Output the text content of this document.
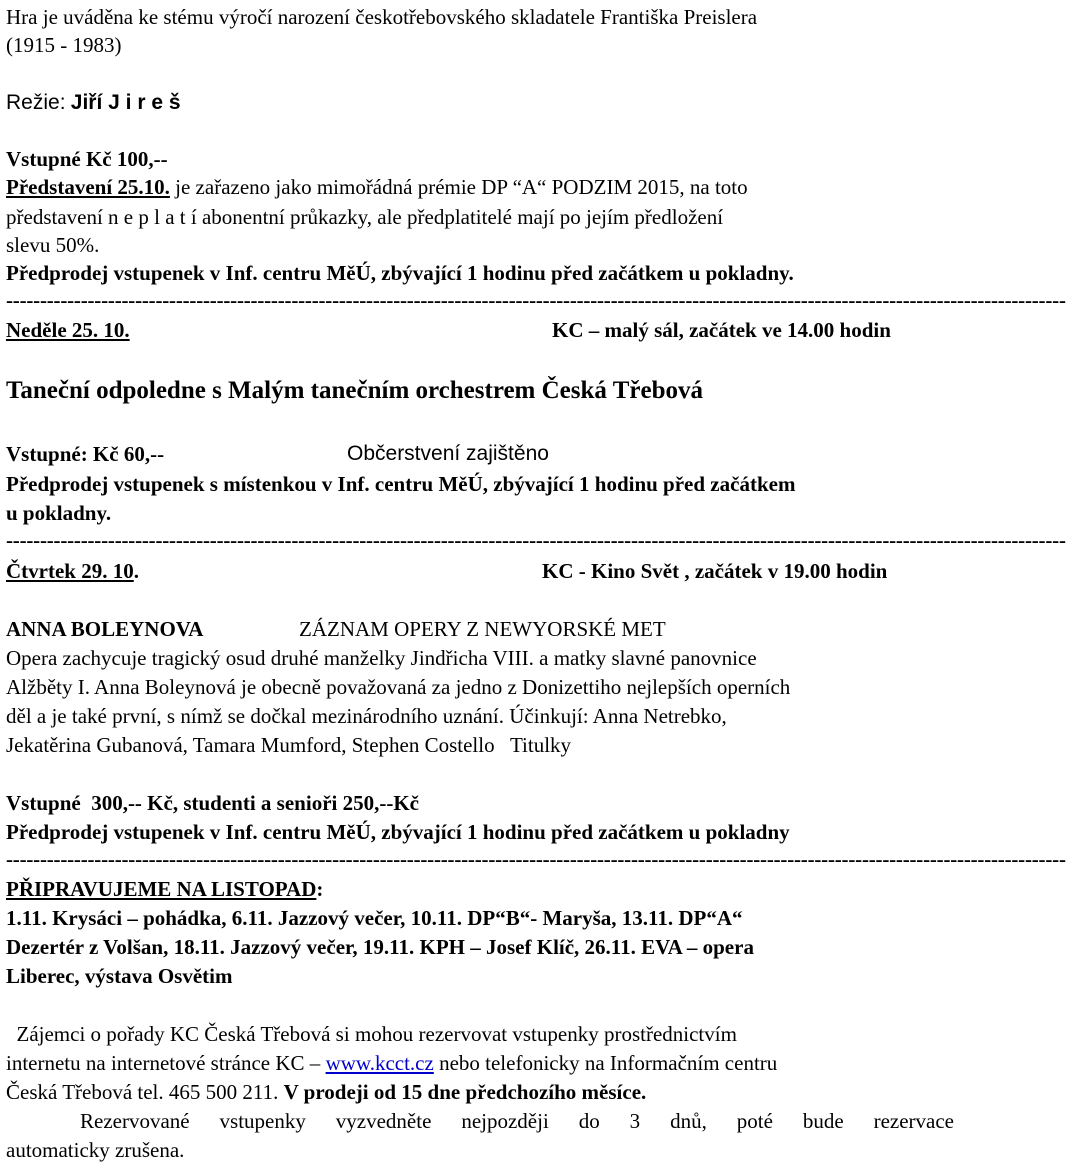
Hra je uváděna ke stému výročí narození českotřebovského skladatele Františka Preislera
(1915 - 1983)
Režie: Jiří J i r e š
Vstupné Kč 100,--
Představení 25.10. je zařazeno jako mimořádná prémie DP “A“ PODZIM 2015, na toto
představení n e p l a t í abonentní průkazky, ale předplatitelé mají po jejím předložení
slevu 50%.
Předprodej vstupenek v Inf. centru MěÚ, zbývající 1 hodinu před začátkem u pokladny.
------------------------------------------------------------------------------------------------------------------------------------------------------------
Neděle 25. 10.	KC – malý sál, začátek ve 14.00 hodin
Taneční odpoledne s Malým tanečním orchestrem Česká Třebová
Vstupné: Kč 60,--	Občerstvení zajištěno
Předprodej vstupenek s místenkou v Inf. centru MěÚ, zbývající 1 hodinu před začátkem
u pokladny.
------------------------------------------------------------------------------------------------------------------------------------------------------------
Čtvrtek 29. 10.	KC - Kino Svět , začátek v 19.00 hodin
ANNA BOLEYNOVA	ZÁZNAM OPERY Z NEWYORSKÉ MET
Opera zachycuje tragický osud druhé manželky Jindřicha VIII. a matky slavné panovnice
Alžběty I. Anna Boleynová je obecně považovaná za jedno z Donizettiho nejlepších operních
děl a je také první, s nímž se dočkal mezinárodního uznání. Účinkují: Anna Netrebko,
Jekatěrina Gubanová, Tamara Mumford, Stephen Costello   Titulky
Vstupné  300,-- Kč, studenti a senioři 250,--Kč
Předprodej vstupenek v Inf. centru MěÚ, zbývající 1 hodinu před začátkem u pokladny
------------------------------------------------------------------------------------------------------------------------------------------------------------
PŘIPRAVUJEME NA LISTOPAD:
1.11. Krysáci – pohádka, 6.11. Jazzový večer, 10.11. DP“B“- Maryša, 13.11. DP“A“
Dezertér z Volšan, 18.11. Jazzový večer, 19.11. KPH – Josef Klíč, 26.11. EVA – opera
Liberec, výstava Osvětim
Zájemci o pořady KC Česká Třebová si mohou rezervovat vstupenky prostřednictvím
internetu na internetové stránce KC – www.kcct.cz nebo telefonicky na Informačním centru
Česká Třebová tel. 465 500 211. V prodeji od 15 dne předchozího měsíce.
Rezervované vstupenky vyzvedněte nejpozději do 3 dnů, poté bude rezervace
automaticky zrušena.
